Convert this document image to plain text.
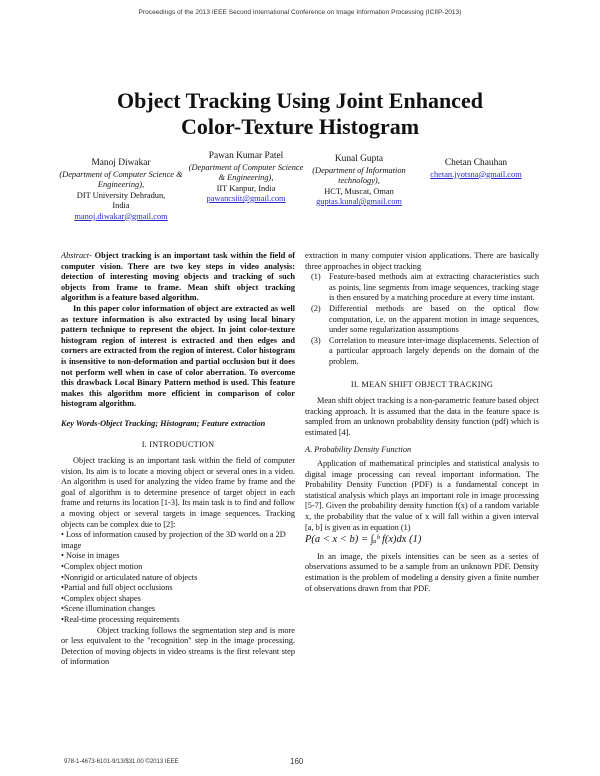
Proceedings of the 2013 IEEE Second International Conference on Image Information Processing (ICIIP-2013)
Object Tracking Using Joint Enhanced
Color-Texture Histogram
Manoj Diwakar
(Department of Computer Science & Engineering),
DIT University Dehradun,
India
manoj.diwakar@gmail.com
Pawan Kumar Patel
(Department of Computer Science & Engineering),
IIT Kanpur, India
pawancsiit@gmail.com
Kunal Gupta
(Department of Information technology),
HCT, Muscat, Oman
guptas.kunal@gmail.com
Chetan Chauhan
chetan.jyotsna@gmail.com

Abstract- Object tracking is an important task within the field of computer vision. There are two key steps in video analysis: detection of interesting moving objects and tracking of such objects from frame to frame. Mean shift object tracking algorithm is a feature based algorithm.

In this paper color information of object are extracted as well as texture information is also extracted by using local binary pattern technique to represent the object. In joint color-texture histogram region of interest is extracted and then edges and corners are extracted from the region of interest. Color histogram is insensitive to non-deformation and partial occlusion but it does not perform well when in case of color aberration. To overcome this drawback Local Binary Pattern method is used. This feature makes this algorithm more efficient in comparison of color histogram algorithm.

Key Words-Object Tracking; Histogram; Feature extraction

I. INTRODUCTION

Object tracking is an important task within the field of computer vision. Its aim is to locate a moving object or several ones in a video. An algorithm is used for analyzing the video frame by frame and the goal of algorithm is to determine presence of target object in each frame and returns its location [1-3]. Its main task is to find and follow a moving object or several targets in image sequences. Tracking objects can be complex due to [2]:

• Loss of information caused by projection of the 3D world on a 2D image
• Noise in images
•Complex object motion
•Nonrigid or articulated nature of objects
•Partial and full object occlusions
•Complex object shapes
•Scene illumination changes
•Real-time processing requirements

Object tracking follows the segmentation step and is more or less equivalent to the "recognition" step in the image processing. Detection of moving objects in video streams is the first relevant step of information

extraction in many computer vision applications. There are basically three approaches in object tracking

(1)	Feature-based methods aim at extracting characteristics such as points, line segments from image sequences, tracking stage is then ensured by a matching procedure at every time instant.
(2)	Differential methods are based on the optical flow computation, i.e. on the apparent motion in image sequences, under some regularization assumptions
(3)	Correlation to measure inter-image displacements. Selection of a particular approach largely depends on the domain of the problem.

II. MEAN SHIFT OBJECT TRACKING

Mean shift object tracking is a non-parametric feature based object tracking approach. It is assumed that the data in the feature space is sampled from an unknown probability density function (pdf) which is estimated [4].

A. Probability Density Function

Application of mathematical principles and statistical analysis to digital image processing can reveal important information. The Probability Density Function (PDF) is a fundamental concept in statistical analysis which plays an important role in image processing [5-7]. Given the probability density function f(x) of a random variable x, the probability that the value of x will fall within a given interval [a, b] is given as in equation (1)

P(a < x < b) = ∫ₐᵇ f(x)dx (1)

In an image, the pixels intensities can be seen as a series of observations assumed to be a sample from an unknown PDF. Density estimation is the problem of modeling a density given a finite number of observations drawn from that PDF.

978-1-4673-6101-9/13/$31.00 ©2013 IEEE	160
